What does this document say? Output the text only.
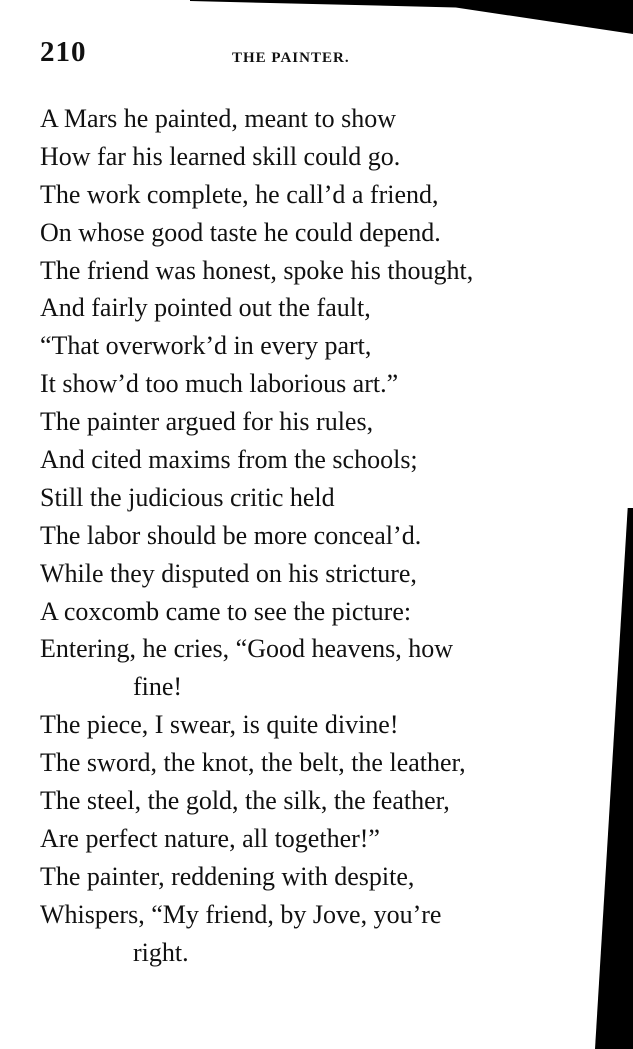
210	THE PAINTER.
A Mars he painted, meant to show
How far his learned skill could go.
The work complete, he call’d a friend,
On whose good taste he could depend.
The friend was honest, spoke his thought,
And fairly pointed out the fault,
“That overwork’d in every part,
It show’d too much laborious art.”
The painter argued for his rules,
And cited maxims from the schools;
Still the judicious critic held
The labor should be more conceal’d.
While they disputed on his stricture,
A coxcomb came to see the picture:
Entering, he cries, “Good heavens, how
fine!
The piece, I swear, is quite divine!
The sword, the knot, the belt, the leather,
The steel, the gold, the silk, the feather,
Are perfect nature, all together!”
The painter, reddening with despite,
Whispers, “My friend, by Jove, you’re
right.
